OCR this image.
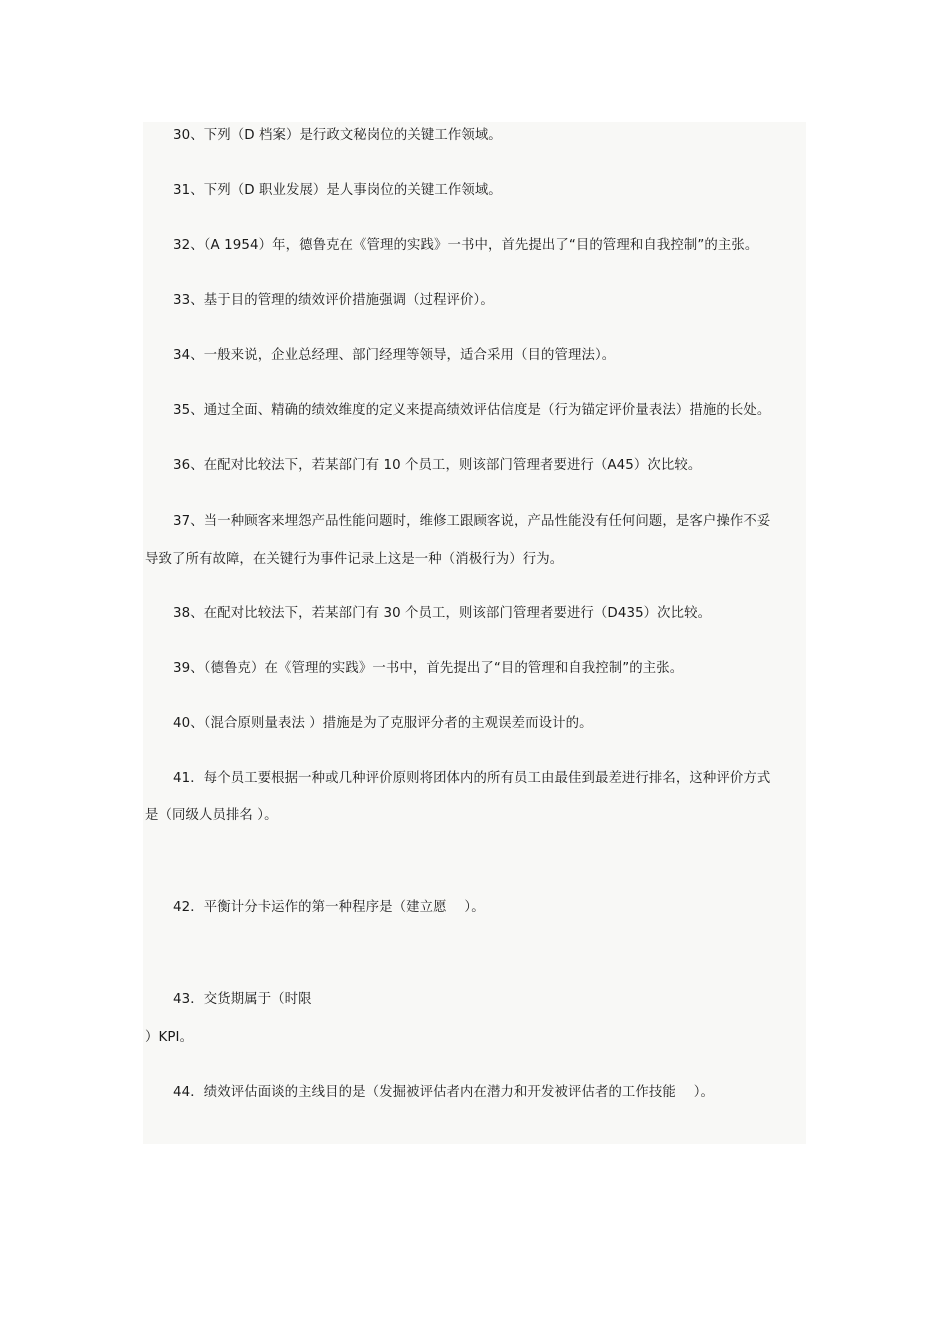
30、下列（D 档案）是行政文秘岗位的关键工作领域。
31、下列（D 职业发展）是人事岗位的关键工作领域。
32、（A 1954）年，德鲁克在《管理的实践》一书中，首先提出了“目的管理和自我控制”的主张。
33、基于目的管理的绩效评价措施强调（过程评价）。
34、一般来说，企业总经理、部门经理等领导，适合采用（目的管理法）。
35、通过全面、精确的绩效维度的定义来提高绩效评估信度是（行为锚定评价量表法）措施的长处。
36、在配对比较法下，若某部门有 10 个员工，则该部门管理者要进行（A45）次比较。
37、当一种顾客来埋怨产品性能问题时，维修工跟顾客说，产品性能没有任何问题，是客户操作不妥
导致了所有故障，在关键行为事件记录上这是一种（消极行为）行为。
38、在配对比较法下，若某部门有 30 个员工，则该部门管理者要进行（D435）次比较。
39、（德鲁克）在《管理的实践》一书中，首先提出了“目的管理和自我控制”的主张。
40、（混合原则量表法 ）措施是为了克服评分者的主观误差而设计的。
41．每个员工要根据一种或几种评价原则将团体内的所有员工由最佳到最差进行排名，这种评价方式
是（同级人员排名 ）。
42．平衡计分卡运作的第一种程序是（建立愿　 ）。
43．交货期属于（时限
）KPI。
44．绩效评估面谈的主线目的是（发掘被评估者内在潜力和开发被评估者的工作技能　 ）。
